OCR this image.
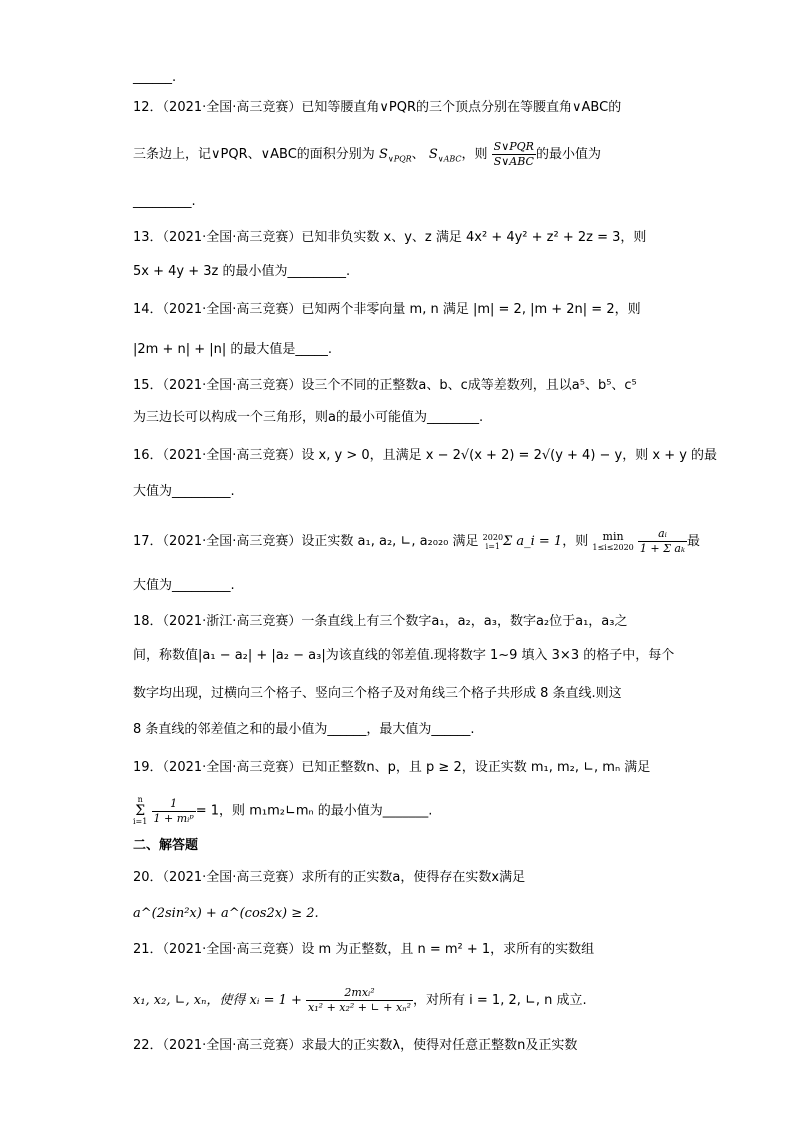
______.
12．（2021·全国·高三竞赛）已知等腰直角∨PQR的三个顶点分别在等腰直角∨ABC的
三条边上，记∨PQR、∨ABC的面积分别为 $S_{\vee PQR}$、 $S_{\vee ABC}$，则 $\frac{\text{S∨PQR}}{\text{S∨ABC}}$ 的最小值为
_________.
13．（2021·全国·高三竞赛）已知非负实数 x、y、z 满足 4x² + 4y² + z² + 2z = 3，则
5x + 4y + 3z 的最小值为_________.
14．（2021·全国·高三竞赛）已知两个非零向量 m, n 满足 |m| = 2, |m + 2n| = 2，则
|2m + n| + |n| 的最大值是_____.
15．（2021·全国·高三竞赛）设三个不同的正整数a、b、c成等差数列，且以a⁵、b⁵、c⁵
为三边长可以构成一个三角形，则a的最小可能值为________.
16．（2021·全国·高三竞赛）设 x, y > 0，且满足 x − 2√(x + 2) = 2√(y + 4) − y，则 x + y 的最
大值为_________.
17．（2021·全国·高三竞赛）设正实数 a₁, a₂, ∟, a₂₀₂₀ 满足 2020
i=1 Σ a_i = 1，则	min
1≤i≤2020
$\frac{\text{aᵢ}}{\text{1 + Σ aₖ}}$ 最
大值为_________.
18．（2021·浙江·高三竞赛）一条直线上有三个数字a₁，a₂，a₃，数字a₂位于a₁，a₃之
间，称数值|a₁ − a₂| + |a₂ − a₃|为该直线的邻差值.现将数字 1~9 填入 3×3 的格子中，每个
数字均出现，过横向三个格子、竖向三个格子及对角线三个格子共形成 8 条直线.则这
8 条直线的邻差值之和的最小值为______，最大值为______.
19．（2021·全国·高三竞赛）已知正整数n、p，且 p ≥ 2，设正实数 m₁, m₂, ∟, mₙ 满足
n
Σ
i=1
$\frac{1}{\text{1 + mᵢᵖ}} = 1$，则 m₁m₂∟mₙ 的最小值为_______.
二、解答题
20．（2021·全国·高三竞赛）求所有的正实数a，使得存在实数x满足
a^(2sin²x) + a^(cos2x) ≥ 2.
21．（2021·全国·高三竞赛）设 m 为正整数，且 n = m² + 1，求所有的实数组
x₁, x₂, ∟, xₙ，使得 xᵢ = $1 + \frac{\text{2mxᵢ²}}{\text{x₁² + x₂² + ∟ + xₙ²}}$ ，对所有 i = 1, 2, ∟, n 成立.
22．（2021·全国·高三竞赛）求最大的正实数λ，使得对任意正整数n及正实数
